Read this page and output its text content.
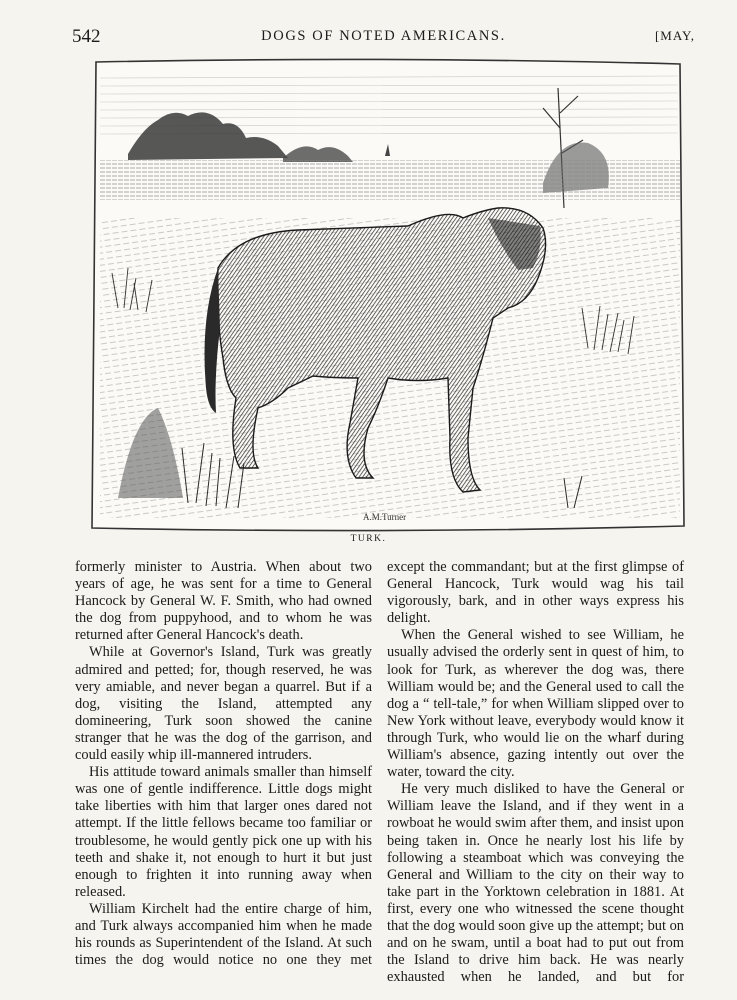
542	DOGS OF NOTED AMERICANS.	[MAY,
A.M.Turner
TURK.

formerly minister to Austria. When about two years of age, he was sent for a time to General Hancock by General W. F. Smith, who had owned the dog from puppyhood, and to whom he was returned after General Hancock's death.

While at Governor's Island, Turk was greatly admired and petted; for, though reserved, he was very amiable, and never began a quarrel. But if a dog, visiting the Island, attempted any domineering, Turk soon showed the canine stranger that he was the dog of the garrison, and could easily whip ill-mannered intruders.

His attitude toward animals smaller than himself was one of gentle indifference. Little dogs might take liberties with him that larger ones dared not attempt. If the little fellows became too familiar or troublesome, he would gently pick one up with his teeth and shake it, not enough to hurt it but just enough to frighten it into running away when released.

William Kirchelt had the entire charge of him, and Turk always accompanied him when he made his rounds as Superintendent of the Island. At such times the dog would notice no one they met

except the commandant; but at the first glimpse of General Hancock, Turk would wag his tail vigorously, bark, and in other ways express his delight.

When the General wished to see William, he usually advised the orderly sent in quest of him, to look for Turk, as wherever the dog was, there William would be; and the General used to call the dog a “ tell-tale,” for when William slipped over to New York without leave, everybody would know it through Turk, who would lie on the wharf during William's absence, gazing intently out over the water, toward the city.

He very much disliked to have the General or William leave the Island, and if they went in a rowboat he would swim after them, and insist upon being taken in. Once he nearly lost his life by following a steamboat which was conveying the General and William to the city on their way to take part in the Yorktown celebration in 1881. At first, every one who witnessed the scene thought that the dog would soon give up the attempt; but on and on he swam, until a boat had to put out from the Island to drive him back. He was nearly exhausted when he landed, and but for
